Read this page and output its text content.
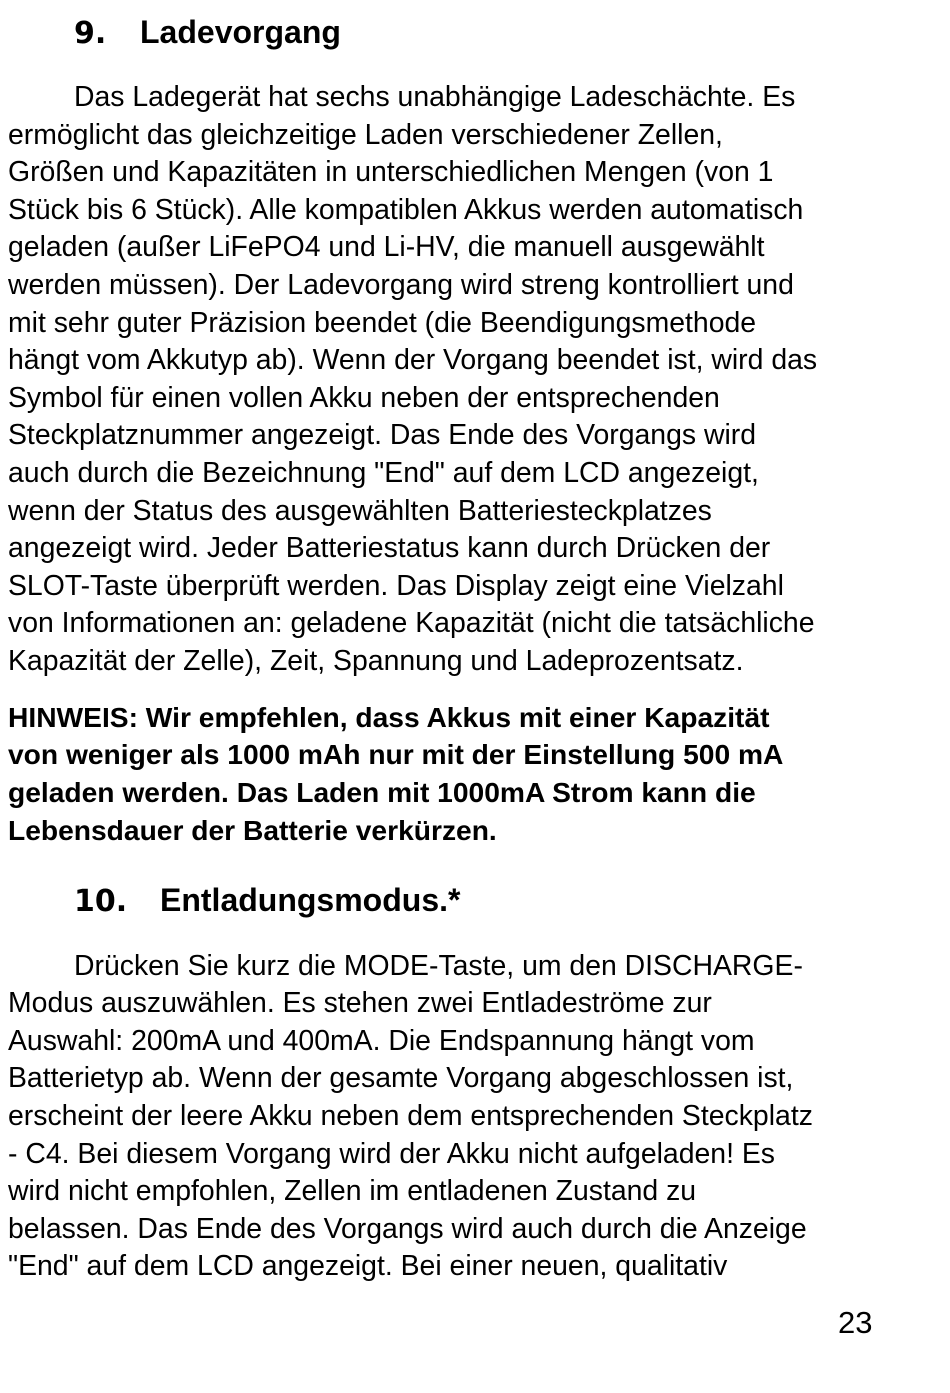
9. Ladevorgang

Das Ladegerät hat sechs unabhängige Ladeschächte. Es
ermöglicht das gleichzeitige Laden verschiedener Zellen,
Größen und Kapazitäten in unterschiedlichen Mengen (von 1
Stück bis 6 Stück). Alle kompatiblen Akkus werden automatisch
geladen (außer LiFePO4 und Li-HV, die manuell ausgewählt
werden müssen). Der Ladevorgang wird streng kontrolliert und
mit sehr guter Präzision beendet (die Beendigungsmethode
hängt vom Akkutyp ab). Wenn der Vorgang beendet ist, wird das
Symbol für einen vollen Akku neben der entsprechenden
Steckplatznummer angezeigt. Das Ende des Vorgangs wird
auch durch die Bezeichnung "End" auf dem LCD angezeigt,
wenn der Status des ausgewählten Batteriesteckplatzes
angezeigt wird. Jeder Batteriestatus kann durch Drücken der
SLOT-Taste überprüft werden. Das Display zeigt eine Vielzahl
von Informationen an: geladene Kapazität (nicht die tatsächliche
Kapazität der Zelle), Zeit, Spannung und Ladeprozentsatz.

HINWEIS: Wir empfehlen, dass Akkus mit einer Kapazität
von weniger als 1000 mAh nur mit der Einstellung 500 mA
geladen werden. Das Laden mit 1000mA Strom kann die
Lebensdauer der Batterie verkürzen.

10. Entladungsmodus.*

Drücken Sie kurz die MODE-Taste, um den DISCHARGE-
Modus auszuwählen. Es stehen zwei Entladeströme zur
Auswahl: 200mA und 400mA. Die Endspannung hängt vom
Batterietyp ab. Wenn der gesamte Vorgang abgeschlossen ist,
erscheint der leere Akku neben dem entsprechenden Steckplatz
- C4. Bei diesem Vorgang wird der Akku nicht aufgeladen! Es
wird nicht empfohlen, Zellen im entladenen Zustand zu
belassen. Das Ende des Vorgangs wird auch durch die Anzeige
"End" auf dem LCD angezeigt. Bei einer neuen, qualitativ

23
